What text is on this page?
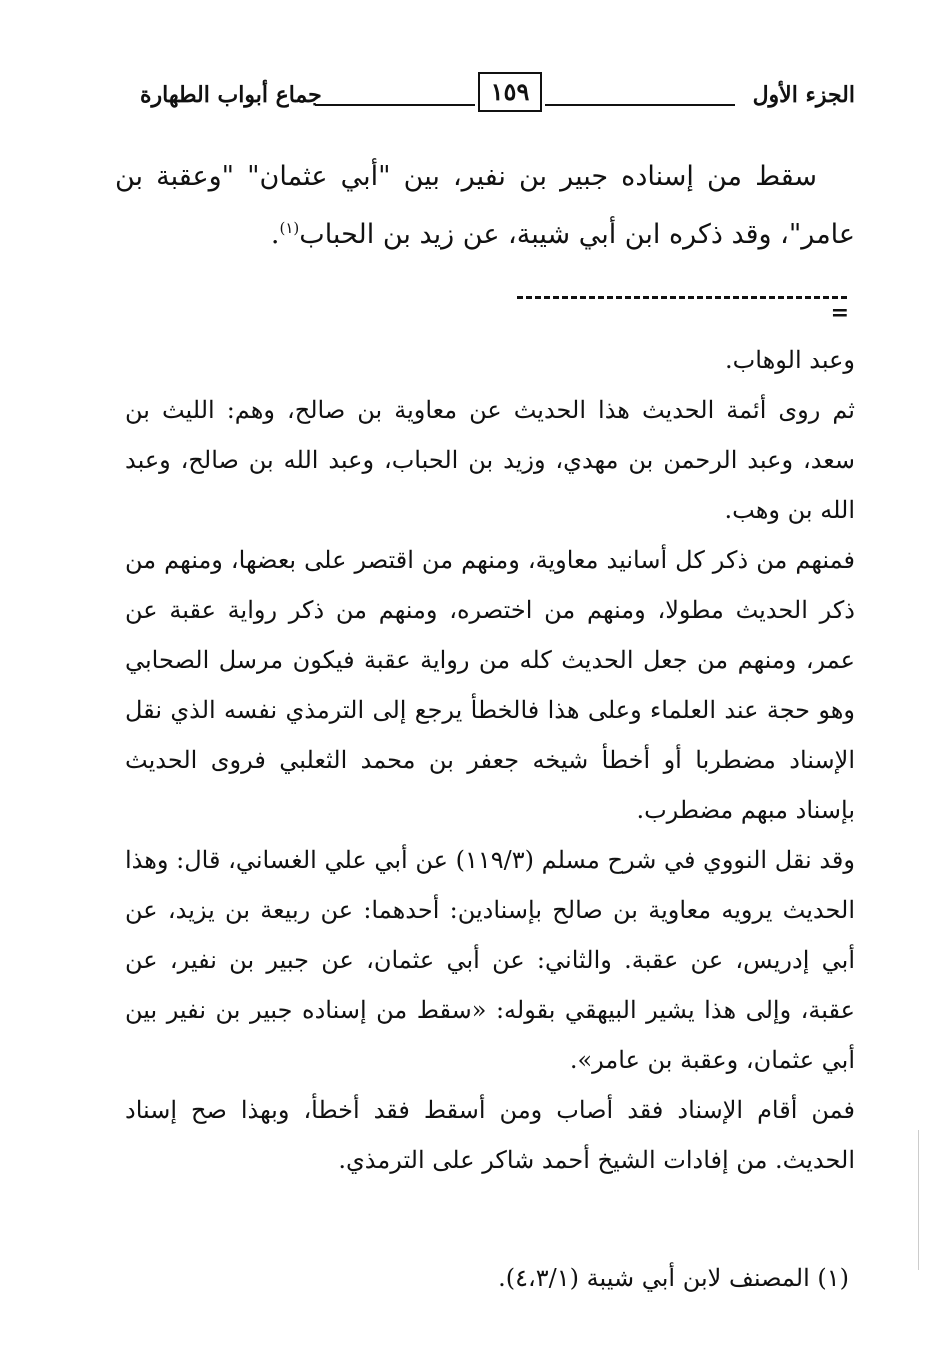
الجزء الأول
١٥٩
جماع أبواب الطهارة
سقط من إسناده جبير بن نفير، بين "أبي عثمان" "وعقبة بن عامر"، وقد ذكره ابن أبي شيبة، عن زيد بن الحباب$^{(١)}$.
=

وعبد الوهاب.

ثم روى أئمة الحديث هذا الحديث عن معاوية بن صالح، وهم: الليث بن سعد، وعبد الرحمن بن مهدي، وزيد بن الحباب، وعبد الله بن صالح، وعبد الله بن وهب.

فمنهم من ذكر كل أسانيد معاوية، ومنهم من اقتصر على بعضها، ومنهم من ذكر الحديث مطولا، ومنهم من اختصره، ومنهم من ذكر رواية عقبة عن عمر، ومنهم من جعل الحديث كله من رواية عقبة فيكون مرسل الصحابي وهو حجة عند العلماء وعلى هذا فالخطأ يرجع إلى الترمذي نفسه الذي نقل الإسناد مضطربا أو أخطأ شيخه جعفر بن محمد الثعلبي فروى الحديث بإسناد مبهم مضطرب.

وقد نقل النووي في شرح مسلم (١١٩/٣) عن أبي علي الغساني، قال: وهذا الحديث يرويه معاوية بن صالح بإسنادين: أحدهما: عن ربيعة بن يزيد، عن أبي إدريس، عن عقبة. والثاني: عن أبي عثمان، عن جبير بن نفير، عن عقبة، وإلى هذا يشير البيهقي بقوله: «سقط من إسناده جبير بن نفير بين أبي عثمان، وعقبة بن عامر».

فمن أقام الإسناد فقد أصاب ومن أسقط فقد أخطأ، وبهذا صح إسناد الحديث. من إفادات الشيخ أحمد شاكر على الترمذي.

(١) المصنف لابن أبي شيبة (٤،٣/١).
